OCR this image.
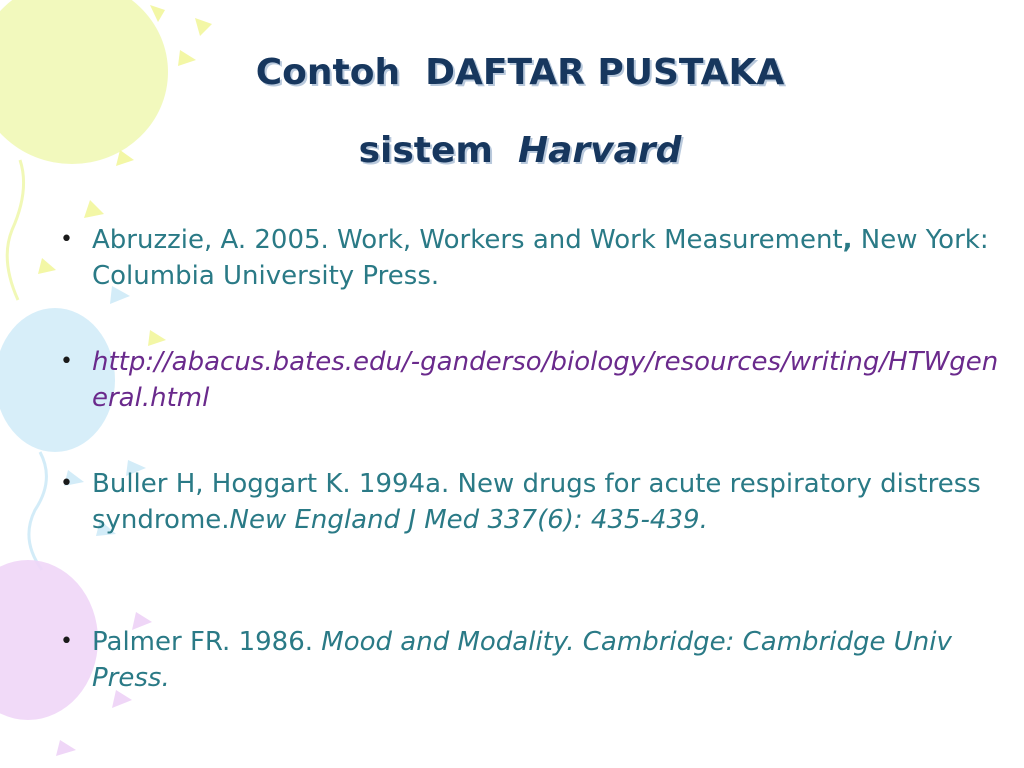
Contoh  DAFTAR PUSTAKA
sistem  Harvard
• Abruzzie, A. 2005. Work, Workers and Work Measurement, New York: Columbia University Press.
• http://abacus.bates.edu/-ganderso/biology/resources/writing/HTWgeneral.html
• Buller H, Hoggart K. 1994a. New drugs for acute respiratory distress syndrome.New England J Med 337(6): 435-439.
• Palmer FR. 1986. Mood and Modality. Cambridge: Cambridge Univ Press.
